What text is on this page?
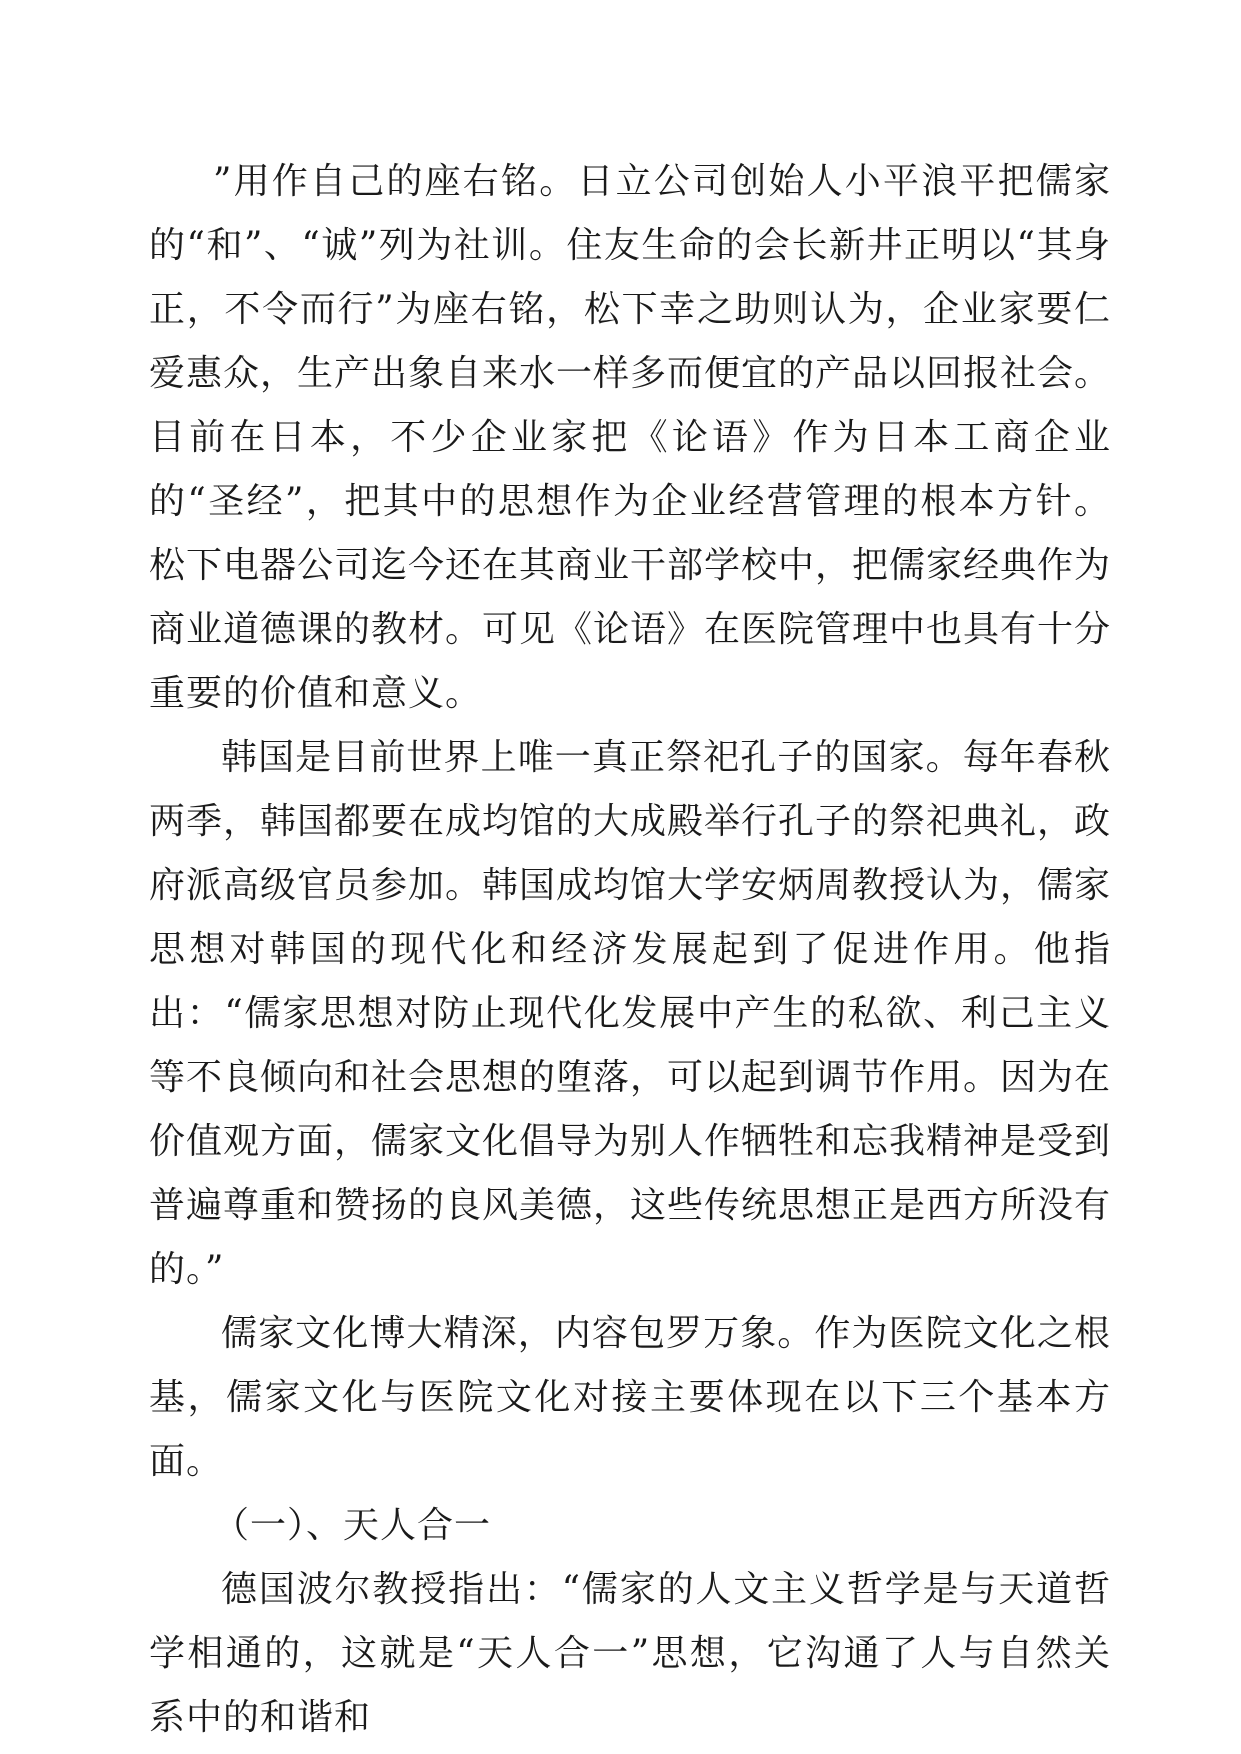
”用作自己的座右铭。日立公司创始人小平浪平把儒家的“和”、“诚”列为社训。住友生命的会长新井正明以“其身正，不令而行”为座右铭，松下幸之助则认为，企业家要仁爱惠众，生产出象自来水一样多而便宜的产品以回报社会。目前在日本，不少企业家把《论语》作为日本工商企业的“圣经”，把其中的思想作为企业经营管理的根本方针。松下电器公司迄今还在其商业干部学校中，把儒家经典作为商业道德课的教材。可见《论语》在医院管理中也具有十分重要的价值和意义。

韩国是目前世界上唯一真正祭祀孔子的国家。每年春秋两季，韩国都要在成均馆的大成殿举行孔子的祭祀典礼，政府派高级官员参加。韩国成均馆大学安炳周教授认为，儒家思想对韩国的现代化和经济发展起到了促进作用。他指出：“儒家思想对防止现代化发展中产生的私欲、利己主义等不良倾向和社会思想的堕落，可以起到调节作用。因为在价值观方面，儒家文化倡导为别人作牺牲和忘我精神是受到普遍尊重和赞扬的良风美德，这些传统思想正是西方所没有的。”

儒家文化博大精深，内容包罗万象。作为医院文化之根基，儒家文化与医院文化对接主要体现在以下三个基本方面。

（一）、天人合一

德国波尔教授指出：“儒家的人文主义哲学是与天道哲学相通的，这就是“天人合一”思想，它沟通了人与自然关系中的和谐和
